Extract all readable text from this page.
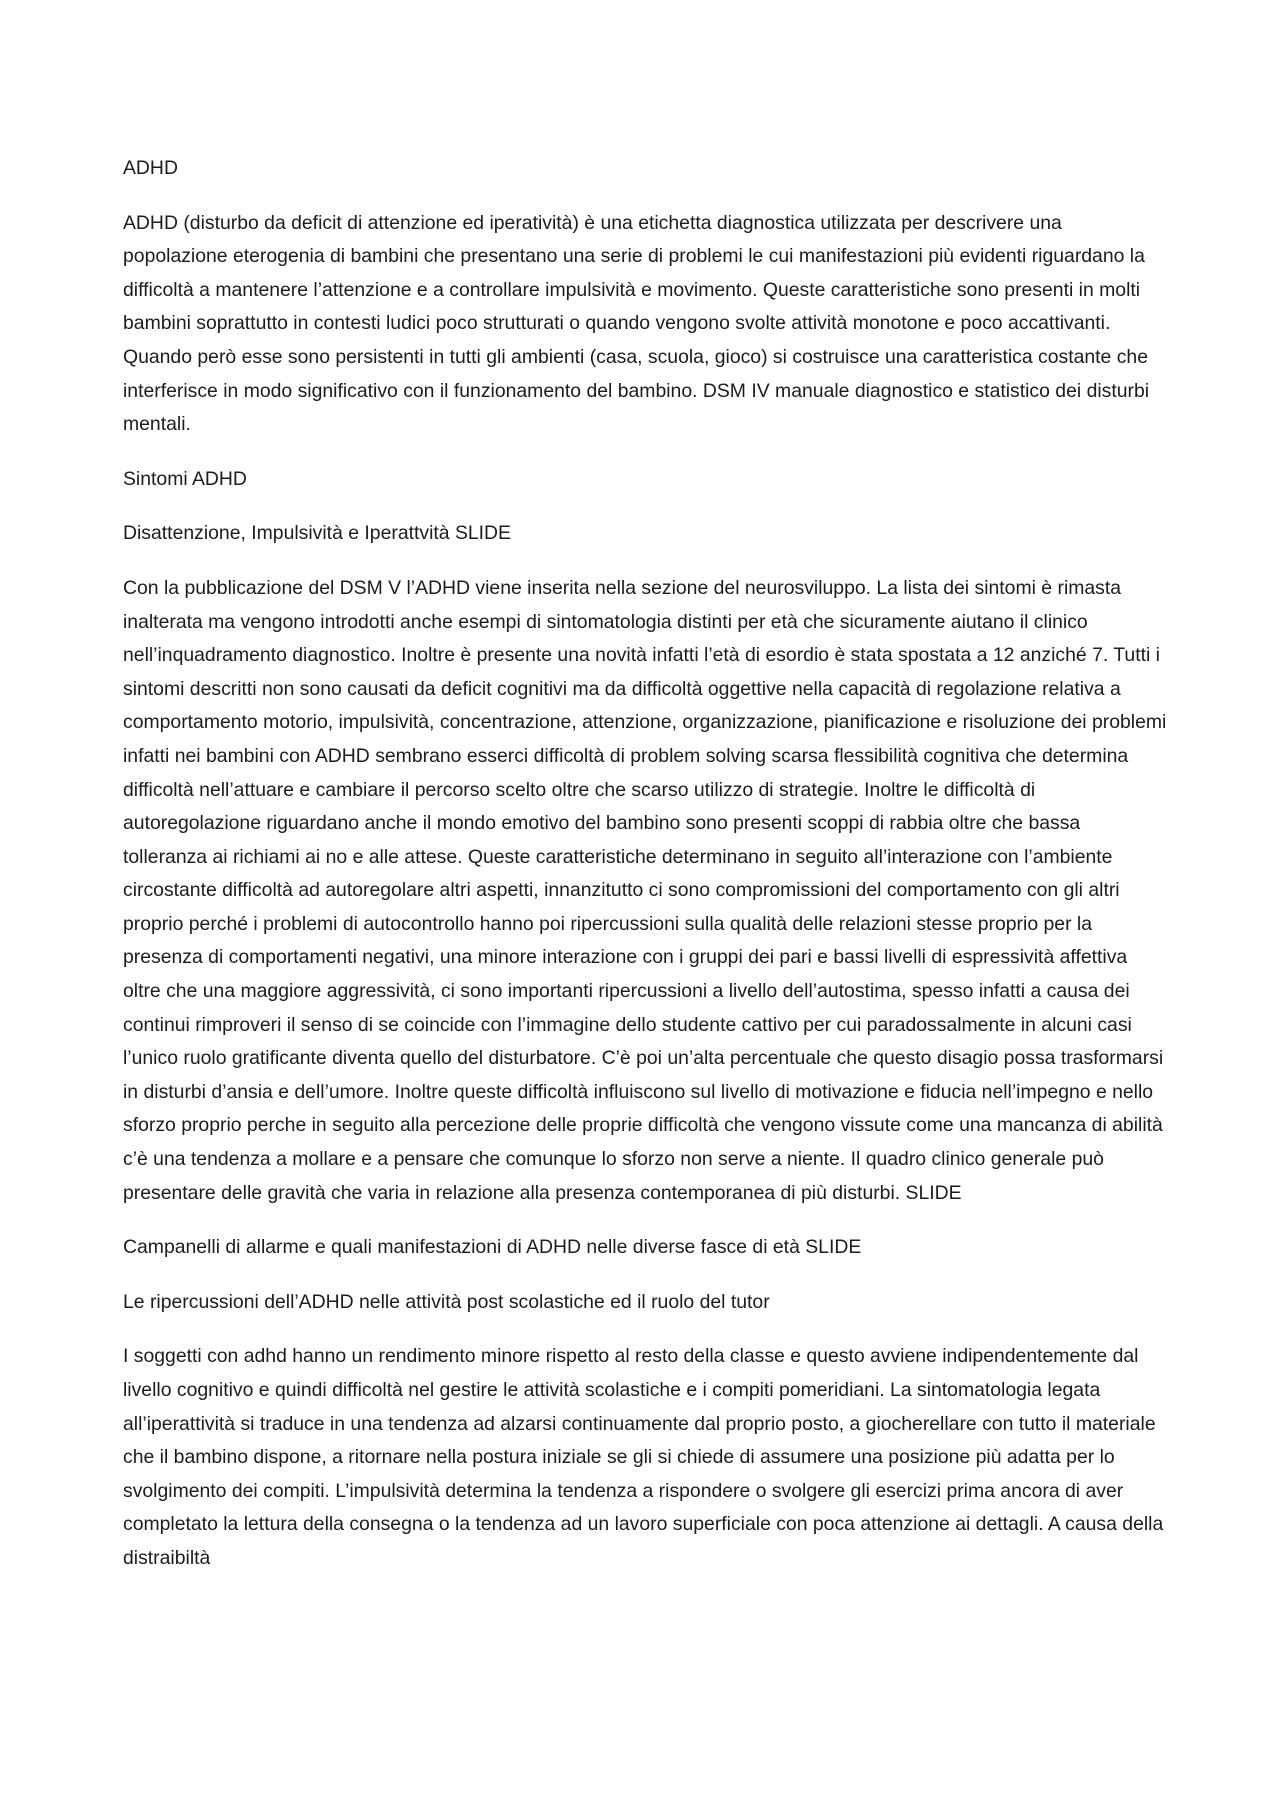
ADHD

ADHD (disturbo da deficit di attenzione ed iperatività) è una etichetta diagnostica utilizzata per descrivere una popolazione eterogenia di bambini che presentano una serie di problemi le cui manifestazioni più evidenti riguardano la difficoltà a mantenere l’attenzione e a controllare impulsività e movimento. Queste caratteristiche sono presenti in molti bambini soprattutto in contesti ludici poco strutturati o quando vengono svolte attività monotone e poco accattivanti. Quando però esse sono persistenti in tutti gli ambienti (casa, scuola, gioco) si costruisce una caratteristica costante che interferisce in modo significativo con il funzionamento del bambino. DSM IV manuale diagnostico e statistico dei disturbi mentali.

Sintomi ADHD

Disattenzione, Impulsività e Iperattvità SLIDE

Con la pubblicazione del DSM V l’ADHD viene inserita nella sezione del neurosviluppo. La lista dei sintomi è rimasta inalterata ma vengono introdotti anche esempi di sintomatologia distinti per età che sicuramente aiutano il clinico nell’inquadramento diagnostico. Inoltre è presente una novità infatti l’età di esordio è stata spostata a 12 anziché 7. Tutti i sintomi descritti non sono causati da deficit cognitivi ma da difficoltà oggettive nella capacità di regolazione relativa a comportamento motorio, impulsività, concentrazione, attenzione, organizzazione, pianificazione e risoluzione dei problemi infatti nei bambini con ADHD sembrano esserci difficoltà di problem solving scarsa flessibilità cognitiva che determina difficoltà nell’attuare e cambiare il percorso scelto oltre che scarso utilizzo di strategie. Inoltre le difficoltà di autoregolazione riguardano anche il mondo emotivo del bambino sono presenti scoppi di rabbia oltre che bassa tolleranza ai richiami ai no e alle attese. Queste caratteristiche determinano in seguito all’interazione con l’ambiente circostante difficoltà ad autoregolare altri aspetti, innanzitutto ci sono compromissioni del comportamento con gli altri proprio perché i problemi di autocontrollo hanno poi ripercussioni sulla qualità delle relazioni stesse proprio per la presenza di comportamenti negativi, una minore interazione con i gruppi dei pari e bassi livelli di espressività affettiva oltre che una maggiore aggressività, ci sono importanti ripercussioni a livello dell’autostima, spesso infatti a causa dei continui rimproveri il senso di se coincide con l’immagine dello studente cattivo per cui paradossalmente in alcuni casi l’unico ruolo gratificante diventa quello del disturbatore. C’è poi un’alta percentuale che questo disagio possa trasformarsi in disturbi d’ansia e dell’umore. Inoltre queste difficoltà influiscono sul livello di motivazione e fiducia nell’impegno e nello sforzo proprio perche in seguito alla percezione delle proprie difficoltà che vengono vissute come una mancanza di abilità c’è una tendenza a mollare e a pensare che comunque lo sforzo non serve a niente. Il quadro clinico generale può presentare delle gravità che varia in relazione alla presenza contemporanea di più disturbi. SLIDE

Campanelli di allarme e quali manifestazioni di ADHD nelle diverse fasce di età SLIDE

Le ripercussioni dell’ADHD nelle attività post scolastiche ed il ruolo del tutor

I soggetti con adhd hanno un rendimento minore rispetto al resto della classe e questo avviene indipendentemente dal livello cognitivo e quindi difficoltà nel gestire le attività scolastiche e i compiti pomeridiani. La sintomatologia legata all’iperattività si traduce in una tendenza ad alzarsi continuamente dal proprio posto, a giocherellare con tutto il materiale che il bambino dispone, a ritornare nella postura iniziale se gli si chiede di assumere una posizione più adatta per lo svolgimento dei compiti. L’impulsività determina la tendenza a rispondere o svolgere gli esercizi prima ancora di aver completato la lettura della consegna o la tendenza ad un lavoro superficiale con poca attenzione ai dettagli. A causa della distraibiltà
